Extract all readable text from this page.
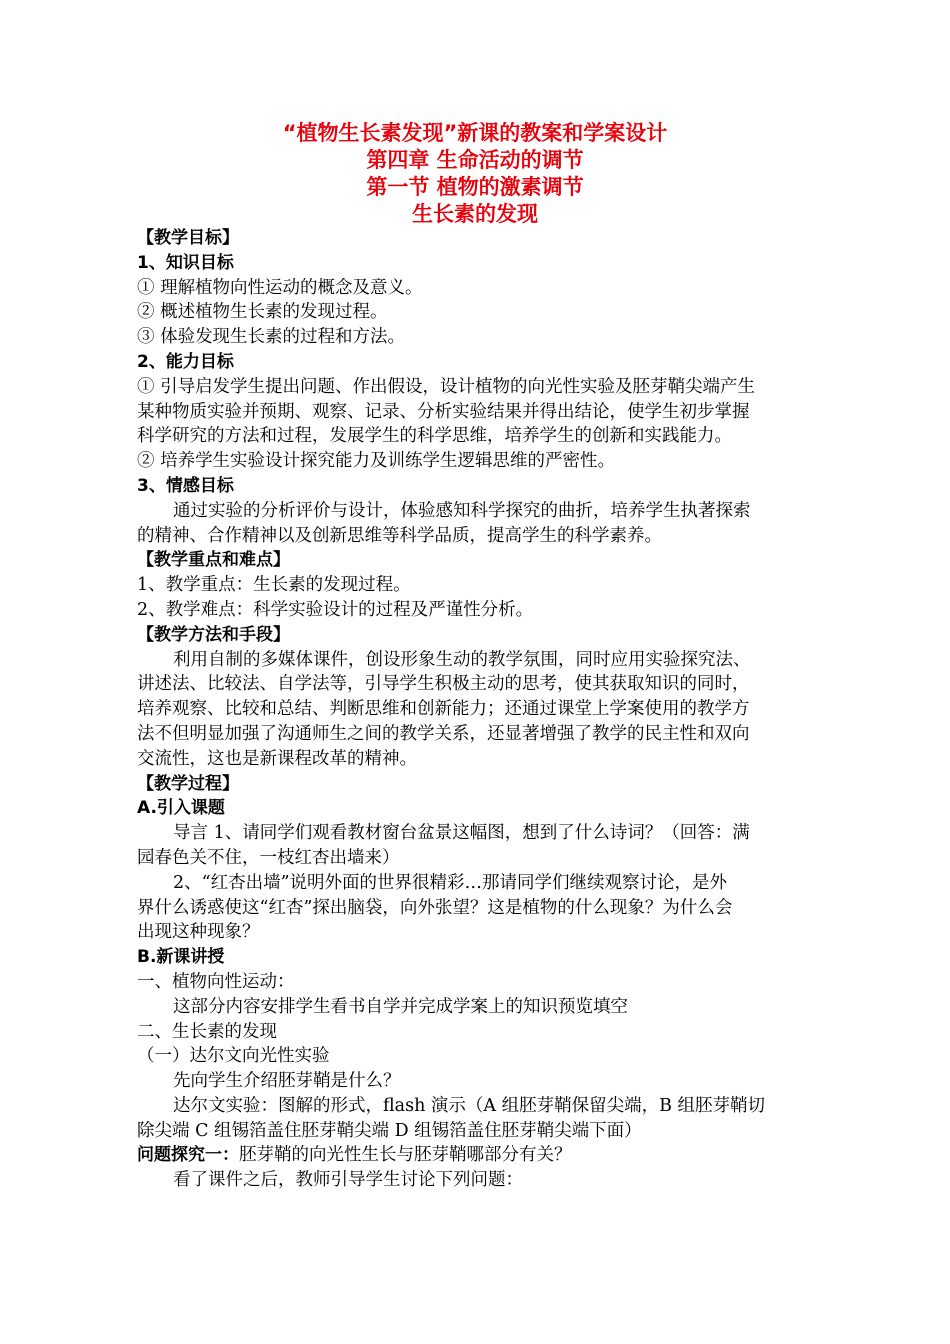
“植物生长素发现”新课的教案和学案设计
第四章 生命活动的调节
第一节 植物的激素调节
生长素的发现
【教学目标】
1、知识目标
① 理解植物向性运动的概念及意义。
② 概述植物生长素的发现过程。
③ 体验发现生长素的过程和方法。
2、能力目标
① 引导启发学生提出问题、作出假设，设计植物的向光性实验及胚芽鞘尖端产生
某种物质实验并预期、观察、记录、分析实验结果并得出结论，使学生初步掌握
科学研究的方法和过程，发展学生的科学思维，培养学生的创新和实践能力。
② 培养学生实验设计探究能力及训练学生逻辑思维的严密性。
3、情感目标
通过实验的分析评价与设计，体验感知科学探究的曲折，培养学生执著探索
的精神、合作精神以及创新思维等科学品质，提高学生的科学素养。
【教学重点和难点】
1、教学重点：生长素的发现过程。
2、教学难点：科学实验设计的过程及严谨性分析。
【教学方法和手段】
利用自制的多媒体课件，创设形象生动的教学氛围，同时应用实验探究法、
讲述法、比较法、自学法等，引导学生积极主动的思考，使其获取知识的同时，
培养观察、比较和总结、判断思维和创新能力；还通过课堂上学案使用的教学方
法不但明显加强了沟通师生之间的教学关系，还显著增强了教学的民主性和双向
交流性，这也是新课程改革的精神。
【教学过程】
A.引入课题
导言 1、请同学们观看教材窗台盆景这幅图，想到了什么诗词？（回答：满
园春色关不住，一枝红杏出墙来）
2、“红杏出墙”说明外面的世界很精彩…那请同学们继续观察讨论，是外
界什么诱惑使这“红杏”探出脑袋，向外张望？这是植物的什么现象？为什么会
出现这种现象？
B.新课讲授
一、植物向性运动：
这部分内容安排学生看书自学并完成学案上的知识预览填空
二、生长素的发现
（一）达尔文向光性实验
先向学生介绍胚芽鞘是什么？
达尔文实验：图解的形式，flash 演示（A 组胚芽鞘保留尖端，B 组胚芽鞘切
除尖端 C 组锡箔盖住胚芽鞘尖端 D 组锡箔盖住胚芽鞘尖端下面）
问题探究一：胚芽鞘的向光性生长与胚芽鞘哪部分有关？
看了课件之后，教师引导学生讨论下列问题：
